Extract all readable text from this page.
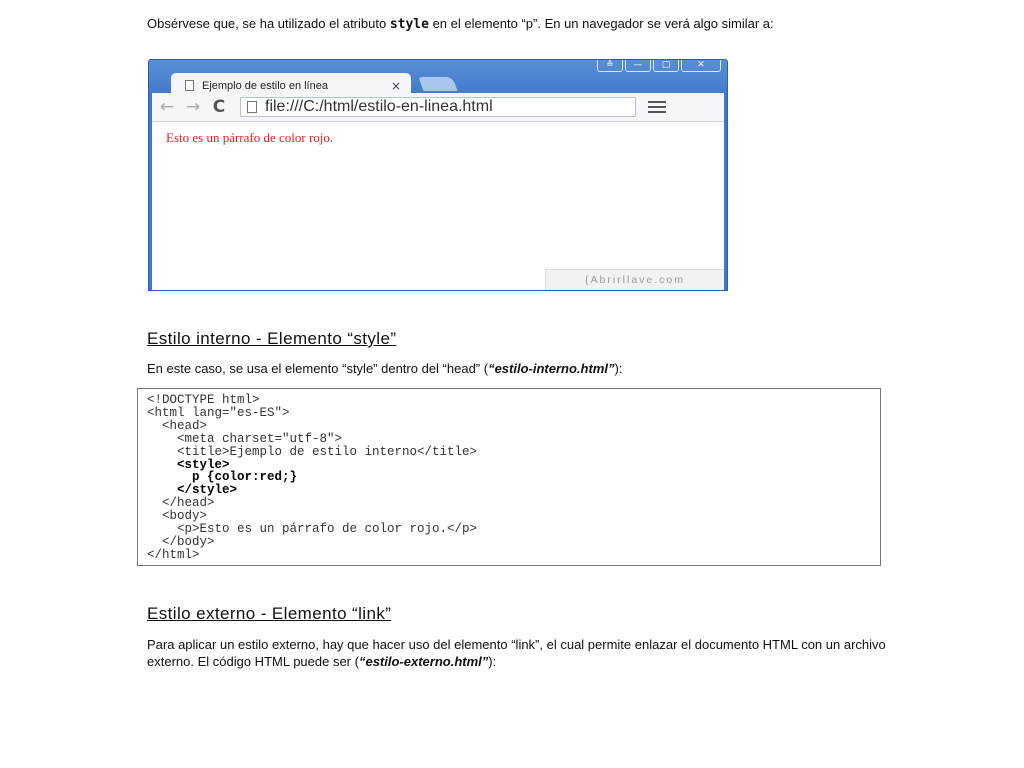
Obsérvese que, se ha utilizado el atributo style en el elemento “p”. En un navegador se verá algo similar a:
≙	—	▢	✕
Ejemplo de estilo en línea	×
← → C file:///C:/html/estilo-en-linea.html

Esto es un párrafo de color rojo.

{Abrirllave.com
Estilo interno - Elemento “style”
En este caso, se usa el elemento “style” dentro del “head” (“estilo-interno.html”):
<!DOCTYPE html>
<html lang="es-ES">
<head>
<meta charset="utf-8">
<title>Ejemplo de estilo interno</title>
<style>
p {color:red;}
</style>
</head>
<body>
<p>Esto es un párrafo de color rojo.</p>
</body>
</html>
Estilo externo - Elemento “link”
Para aplicar un estilo externo, hay que hacer uso del elemento “link”, el cual permite enlazar el documento HTML con un archivo externo. El código HTML puede ser (“estilo-externo.html”):
